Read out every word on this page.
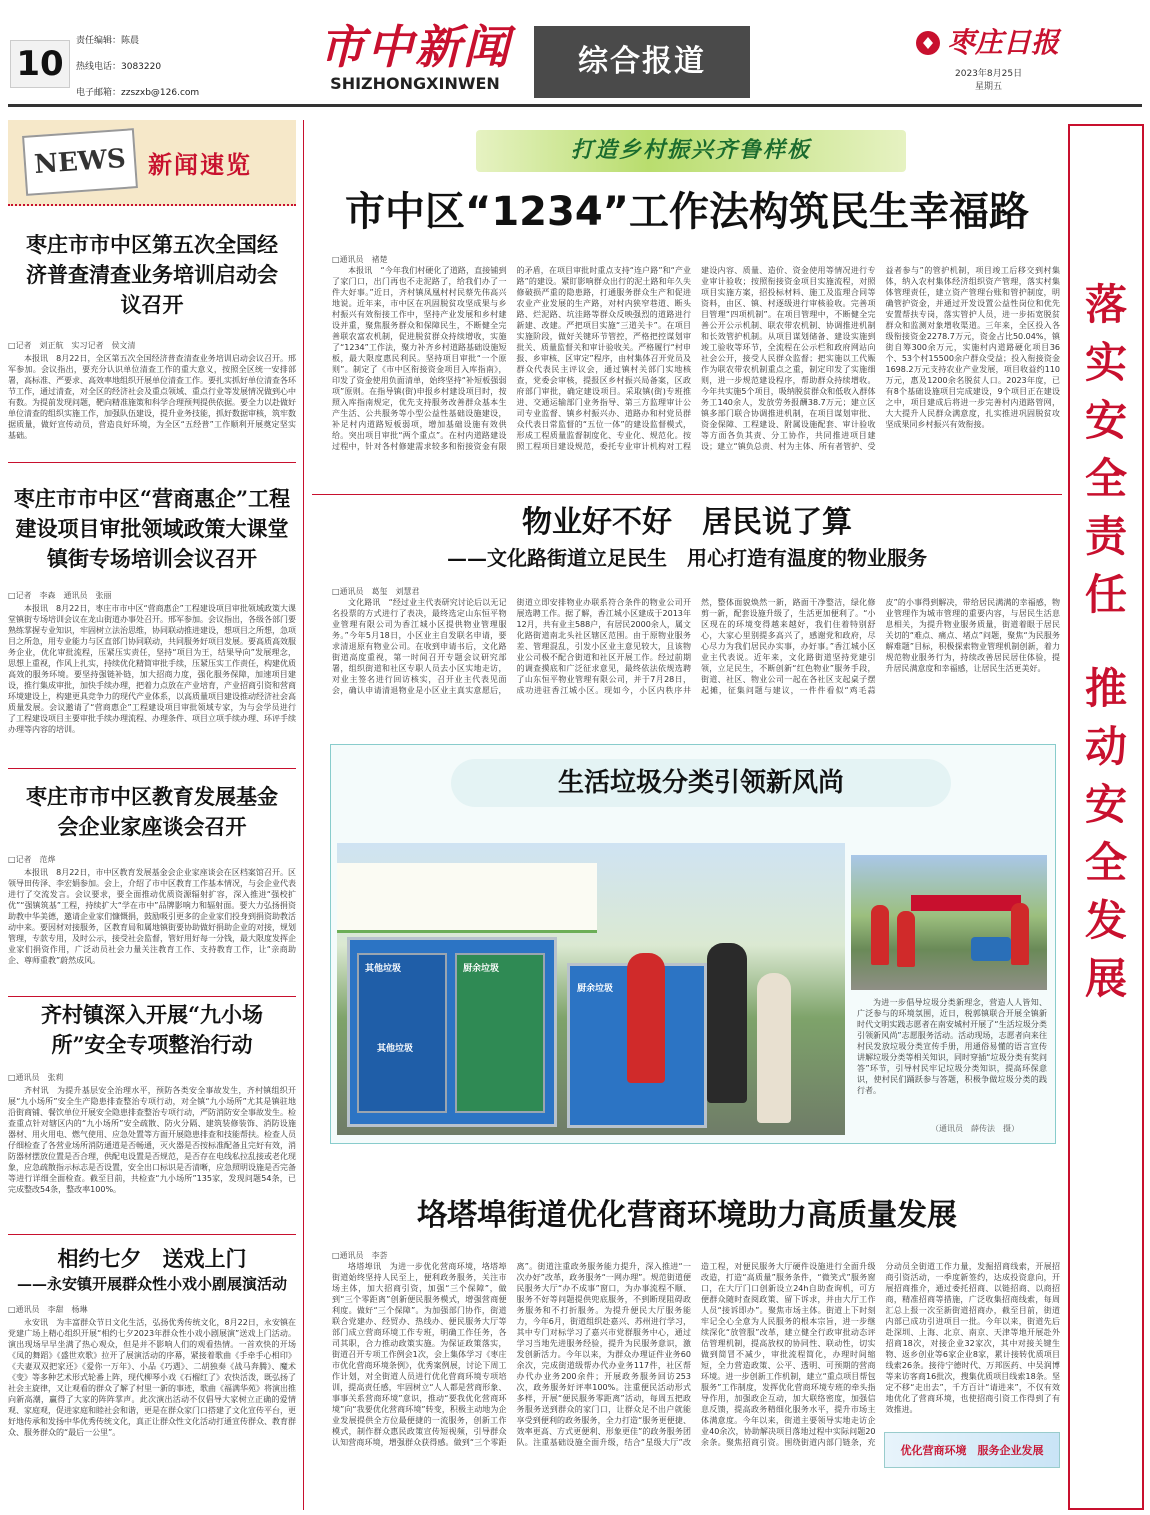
10
责任编辑：陈晨
热线电话：3083220
电子邮箱：zzszxb@126.com
市中新闻
SHIZHONGXINWEN
综合报道
枣庄日报
2023年8月25日
星期五
NEWS 新闻速览
枣庄市市中区第五次全国经济普查清查业务培训启动会议召开
□记者　刘正航　实习记者　侯文清
本报讯　8月22日，全区第五次全国经济普查清查业务培训启动会议召开。邢军参加。会议指出，要充分认识单位清查工作的重大意义，按照全区统一安排部署，高标准、严要求、高效率地组织开展单位清查工作。要扎实抓好单位清查各环节工作，通过清查，对全区的经济社会及重点领域、重点行业等发展情况做到心中有数。为提前发现问题，靶向精准施策和科学合理预判提供依据。要全力以赴做好单位清查的组织实施工作，加强队伍建设，提升业务技能，抓好数据审核，筑牢数据质量，做好宣传动员，营造良好环境，为全区“五经普”工作顺利开展奠定坚实基础。
枣庄市市中区“营商惠企”工程建设项目审批领域政策大课堂镇街专场培训会议召开
□记者　李森　通讯员　张丽
本报讯　8月22日，枣庄市市中区“营商惠企”工程建设项目审批领域政策大课堂镇街专场培训会议在龙山街道办事处召开。邢军参加。会议指出，各级各部门要熟练掌握专业知识，牢固树立法治思维，协同联动推进建设，想项目之所想，急项目之所急，用专业能力与区直部门协同联动，共同服务好项目发展。要高质高效服务企业，优化审批流程，压紧压实责任，坚持“项目为王，结果导向”发展理念，思想上重视，作风上扎实，持续优化精简审批手续，压紧压实工作责任，构建优质高效的服务环境。要坚持强链补链，加大招商力度，强化服务保障，加速项目建设，推行集成审批，加快手续办理，把着力点放在产业培育，产业招商引资和营商环境建设上，构建更具竞争力的现代产业体系，以高质量项目建设推动经济社会高质量发展。会议邀请了“营商惠企”工程建设项目审批领域专家，为与会学员进行了工程建设项目主要审批手续办理流程、办理条件、项目立项手续办理、环评手续办理等内容的培训。
枣庄市市中区教育发展基金会企业家座谈会召开
□记者　范烨
本报讯　8月22日，市中区教育发展基金会企业家座谈会在区档案馆召开。区领导田传泽、李宏娟参加。会上，介绍了市中区教育工作基本情况，与会企业代表进行了交流发言。会议要求，要全面推动优质资源辐射扩容，深入推进“强校扩优”“强镇筑基”工程，持续扩大“学在市中”品牌影响力和辐射面。要大力弘扬捐资助教中华美德，邀请企业家们慷慨捐，鼓励吸引更多的企业家们投身到捐资助教活动中来。要因材对接服务，区教育局和属地镇街要协助做好捐助企业的对接，规划管理，专款专用，及时公示，接受社会监督，管好用好每一分钱，最大限度发挥企业家们捐资作用，广泛动员社会力量关注教育工作、支持教育工作，让“亲商助企、尊师重教”蔚然成风。
齐村镇深入开展“九小场所”安全专项整治行动
□通讯员　张莉
齐村讯　为提升基层安全治理水平，预防各类安全事故发生，齐村镇组织开展“九小场所”安全生产隐患排查整治专项行动，对全镇“九小场所”尤其是镇驻地沿街商铺、餐饮单位开展安全隐患排查整治专项行动，严防消防安全事故发生。检查重点针对辖区内的“九小场所”安全疏散、防火分隔、建筑装修装饰、消防设施器材、用火用电、燃气使用、应急处置等方面开展隐患排查和技能帮扶。检查人员仔细检查了各营业场所消防通道是否畅通，灭火器是否按标准配备且完好有效，消防器材摆放位置是否合理，供配电设置是否规范，是否存在电线私拉乱接或老化现象，应急疏散指示标志是否设置，安全出口标识是否清晰，应急照明设施是否完备等进行详细全面检查。截至目前，共检查“九小场所”135家，发现问题54条，已完成整改54条，整改率100%。
相约七夕　送戏上门
——永安镇开展群众性小戏小剧展演活动
□通讯员　李甜　杨琳
永安讯　为丰富群众节日文化生活，弘扬优秀传统文化，8月22日，永安镇在党建广场上精心组织开展“相约七夕2023年群众性小戏小剧展演”送戏上门活动。演出现场早早坐满了热心观众，但是并不影响人们的观看热情。一首欢快的开场《凤的舞蹈》《盛世欢歌》拉开了展演活动的序幕，紧接着歌曲《手牵手心相印》《夫妻双双把家还》《爱你一万年》、小品《巧遇》、二胡独奏《战马奔腾》、魔术《变》等多种艺术形式轮番上阵，现代柳琴小戏《石榴红了》农快活泼，既弘扬了社会主旋律，又让观看的群众了解了村里一新的事迹，歌曲《福满华苑》将演出推向新高潮，赢得了大家的阵阵掌声。此次演出活动不仅倡导大家树立正确的爱情观、家庭观，促进家庭和睦社会和谐，更是在群众家门口搭建了文化宣传平台，更好地传承和发扬中华优秀传统文化，真正让群众性文化活动打通宣传群众、教育群众、服务群众的“最后一公里”。
落
实
安
全
责
任
推
动
安
全
发
展
打造乡村振兴齐鲁样板
市中区“1234”工作法构筑民生幸福路
□通讯员　褚楚
本报讯　“今年我们村硬化了道路，直接铺到了家门口，出门再也不走泥路了，给我们办了一件大好事。”近日，齐村镇凤凰村村民蔡先伟高兴地说。近年来，市中区在巩固脱贫攻坚成果与乡村振兴有效衔接工作中，坚持产业发展和乡村建设并重，聚焦服务群众和保障民生，不断健全完善联农富农机制，促进脱贫群众持续增收，实施了“1234”工作法，聚力补齐乡村道路基础设施短板，最大限度惠民利民。坚持项目审批“一个原则”。制定了《市中区衔接资金项目入库指南》，印发了资金使用负面清单，始终坚持“补短板强弱项”原则。在指导镇(街)申报乡村建设项目时，按照入库指南规定，优先支持服务改善群众基本生产生活、公共服务等小型公益性基础设施建设，补足村内道路短板弱项，增加基础设施有效供给。突出项目审批“两个重点”。在村内道路建设过程中，针对各村修建需求较多和衔接资金有限的矛盾，在项目审批时重点支持“连户路”和“产业路”的建设。紧盯影响群众出行的泥土路和年久失修破损严重的隐患路，打通服务群众生产和促进农业产业发展的生产路，对村内狭窄巷道、断头路、烂泥路、坑洼路等群众反映强烈的道路进行新建、改建。严把项目实施“三道关卡”。在项目实施阶段，做好关键环节管控，严格把控谋划审批关、质量监督关和审计验收关。严格履行“村申报、乡审核、区审定”程序，由村集体召开党员及群众代表民主评议会，通过镇村关部门实地核查，党委会审核，提报区乡村振兴局备案，区政府部门审批，确定建设项目。采取镇(街)专班推进、交通运输部门业务指导、第三方监理审计公司专业监督、镇乡村振兴办、道路办和村党员群众代表日常监督的“五位一体”的建设监督模式，形成工程质量监督制度化、专业化、规范化。按照工程项目建设规范，委托专业审计机构对工程建设内容、质量、造价、资金使用等情况进行专业审计验收；按照衔接资金项目实施流程，对照项目实施方案，招投标材料、施工及监理合同等资料，由区、镇、村逐级进行审核验收。完善项目管理“四项机制”。在项目管理中，不断健全完善公开公示机制、联农带农机制、协调推进机制和长效管护机制。从项目谋划储备、建设实施到竣工验收等环节，全流程在公示栏和政府网站向社会公开，接受人民群众监督；把实施以工代赈作为联农带农机制重点之重，制定印发了实施细则，进一步规范建设程序，帮助群众持续增收。今年共实施5个项目，吸纳脱贫群众和低收入群体务工140余人，发放劳务报酬38.7万元；建立区镇多部门联合协调推进机制，在项目谋划审批、资金保障、工程建设、附属设施配套、审计验收等方面各负其责、分工协作，共同推进项目建设；建立“镇负总责、村为主体、所有者管护、受益者参与”的管护机制，项目竣工后移交到村集体，纳入农村集体经济组织资产管理，落实村集体管理责任，建立资产管理台账和管护制度，明确管护资金，并通过开发设置公益性岗位和优先安置帮扶专岗，落实管护人员，进一步拓宽脱贫群众和监测对象增收渠道。三年来，全区投入各级衔接资金2278.7万元，资金占比50.04%，镇街自筹300余万元，实施村内道路硬化项目36个、53个村15500余户群众受益；投入衔接资金1698.2万元支持农业产业发展，项目收益约110万元，惠及1200余名脱贫人口。2023年度，已有8个基础设施项目完成建设，9个项目正在建设之中，项目建成后将进一步完善村内道路管网，大大提升人民群众满意度，扎实推进巩固脱贫攻坚成果同乡村振兴有效衔接。
物业好不好　居民说了算
——文化路街道立足民生　用心打造有温度的物业服务
□通讯员　葛玺　刘慧君
文化路讯　“经过业主代表研究讨论后以无记名投票的方式进行了表决，最终选定山东恒平物业管理有限公司为香江城小区提供物业管理服务。”今年5月18日，小区业主自发联名申请，要求清退原有物业公司。在收到申请书后，文化路街道高度重视，第一时间召开专题会议研究部署，组织街道和社区专职人员去小区实地走访，对业主签名进行回访核实，召开业主代表见面会，确认申请清退物业是小区业主真实意愿后，街道立即安排物业办联系符合条件的物业公司开展选聘工作。据了解，香江城小区建成于2013年12月，共有业主588户，有居民2000余人，属文化路街道南北头社区辖区范围。由于原物业服务差、管理混乱，引发小区业主意见较大，且该物业公司极不配合街道和社区开展工作。经过前期的调查摸底和广泛征求意见，最终依法依规选聘了山东恒平物业管理有限公司，并于7月28日，成功进驻香江城小区。现如今，小区内秩序井然，整体面貌焕然一新，路面干净整洁，绿化修剪一新，配套设施升级了，生活更加便利了。“小区现在的环境变得越来越好，我们住着特别舒心，大家心里别提多高兴了，感谢党和政府，尽心尽力为我们居民办实事，办好事。”香江城小区业主代表说。近年来，文化路街道坚持党建引领，立足民生，不断创新“红色物业”服务手段，街道、社区、物业公司一起在各社区支起桌子摆起摊，征集问题与建议，一件件看似“鸡毛蒜皮”的小事得到解决，带给居民满满的幸福感，物业管理作为城市管理的重要内容，与居民生活息息相关，为提升物业服务质量，街道着眼于居民关切的“难点、痛点、堵点”问题，聚焦“为民服务解难题”目标，积极探索物业管理机制创新，着力规范物业服务行为，持续改善居民居住体验，提升居民满意度和幸福感，让居民生活更美好。
生活垃圾分类引领新风尚
其他垃圾	厨余垃圾
其他垃圾
厨余垃圾
为进一步倡导垃圾分类新理念，营造人人皆知、广泛参与的环境氛围，近日，税郭镇联合开展全镇新时代文明实践志愿者在南安城村开展了“生活垃圾分类引领新风尚”志愿服务活动。活动现场，志愿者向来往村民发放垃圾分类宣传手册，用通俗易懂的语言宣传讲解垃圾分类等相关知识，同时穿插“垃圾分类有奖问答”环节，引导村民牢记垃圾分类知识，提高环保意识，使村民们踊跃参与答题，积极争做垃圾分类的践行者。
（通讯员　薛传法　摄）
垎塔埠街道优化营商环境助力高质量发展
□通讯员　李荟
垎塔埠讯　为进一步优化营商环境，垎塔埠街道始终坚持人民至上，便利政务服务，关注市场主体，加大招商引资，加强“三个保障”，做到“三个零距离”创新便民服务模式，增强营商便利度。做好“三个保障”。为加强部门协作，街道联合党建办、经贸办、热线办、便民服务大厅等部门成立营商环境工作专班，明确工作任务，各司其职，合力推动政策实施。为保证政策落实，街道召开专项工作例会1次，会上集体学习《枣庄市优化营商环境条例》，优秀案例展，讨论下周工作计划，对全街道人员进行优化营商环境专项培训，提高责任感，牢固树立“人人都是营商形象、事事关系营商环境”意识，推动“要我优化营商环境”向“我要优化营商环境”转变，积极主动地为企业发展提供全方位最便捷的一流服务，创新工作模式，制作群众惠民政策宣传短视频，引导群众认知营商环境，增强群众获得感。做到“三个零距离”。街道注重政务服务能力提升，深入推进“一次办好”改革，政务服务“一网办理”。规范街道便民服务大厅“办不成事”窗口，为办事流程不顺、服务不好等问题提供兜底服务，不到断现阻碍政务服务和不打折服务。为提升便民大厅服务能力，今年6月，街道组织赴嘉兴、苏州进行学习，其中专门对标学习了嘉兴市党群服务中心，通过学习当地先进服务经验，提升为民服务意识，激发创新活力。今年以来，为群众办理证件业务60余次，完成街道级帮办代办业务117件，社区帮办代办业务200余件；开展政务服务回访253次，政务服务好评率100%。注重便民活动形式多样，开展“便民服务零距离”活动，每周五把政务服务送到群众的家门口，让群众足不出户就能享受到便利的政务服务，全力打造“服务更便捷、效率更高、方式更便利、形象更佳”的政务服务团队。注重基础设施全面升级，结合“星级大厅”改造工程，对便民服务大厅硬件设施进行全面升级改造，打造“高质量”服务条件，“微笑式”服务窗口，在大厅门口创新设立24h自助查询机，可方便群众随时查阅政策、留下诉求，并由大厅工作人员“接诉即办”。聚焦市场主体。街道上下时刻牢记全心全意为人民服务的根本宗旨，进一步继续深化“放管服”改革，建立健全行政审批动态评估管理机制，提高放权的协同性、联动性，切实做到简冒不减少，审批流程简化，办理时间缩短，全力营造政策、公平、透明、可预期的营商环境。进一步创新工作机制，建立“重点项目帮包服务”工作制度，发挥优化营商环境专班的牵头指导作用，加强政企互动，加大联络密度，加强信息反馈，提高政务精细化服务水平，提升市场主体满意度。今年以来，街道主要领导实地走访企业40余次，协助解决项目落地过程中实际问题20余条。聚焦招商引资。围绕街道内部门链条，充分动员全街道工作力量，发掘招商线索，开展招商引资活动，一季度新签约，达成投资意向，开展招商推介，通过委托招商、以链招商、以商招商，精准招商等措施，广泛收集招商线索，每周汇总上报一次至新街道招商办，截至目前，街道内部已成功引进项目一批。今年以来，街道先后赴深圳、上海、北京、南京、天津等地开展赴外招商18次，对接企业32家次，其中对接关键生物、返乡创业等6家企业8家，累计接转优质项目线索26条。接待宁德时代、万邦医药、中吴润博等来访客商16批次，搜集优质项目线索18条。坚定不移“走出去”，千方百计“请进来”，不仅有效地优化了营商环境，也使招商引资工作得到了有效推进。
优化营商环境　服务企业发展
